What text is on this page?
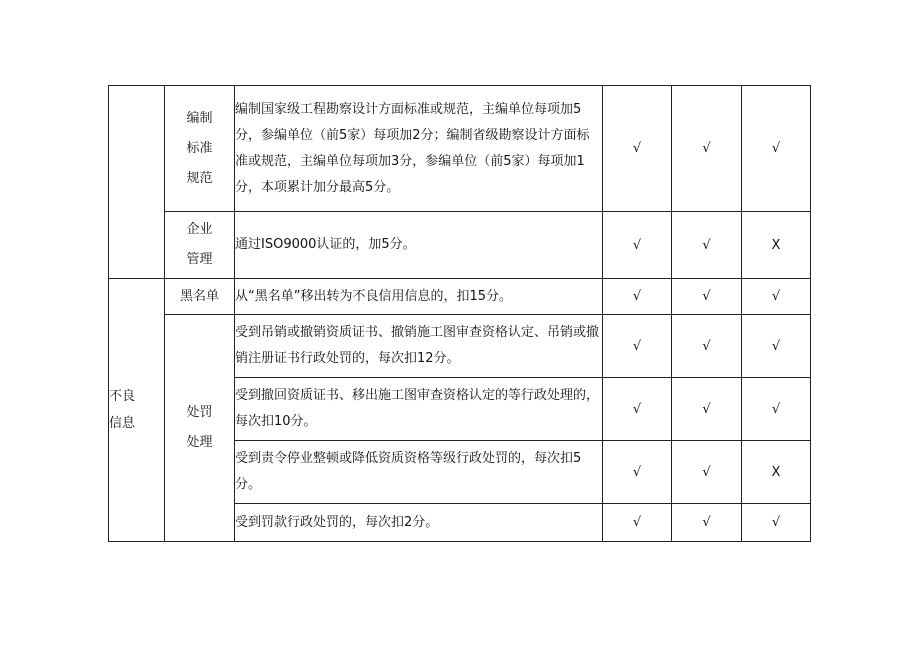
	编制
标准
规范	编制国家级工程勘察设计方面标准或规范，主编单位每项加5分，参编单位（前5家）每项加2分；编制省级勘察设计方面标准或规范，主编单位每项加3分，参编单位（前5家）每项加1分，本项累计加分最高5分。	√	√	√

	企业
管理	通过ISO9000认证的，加5分。	√	√	X

不良
信息	黑名单	从“黑名单”移出转为不良信用信息的，扣15分。	√	√	√

	处罚
处理	受到吊销或撤销资质证书、撤销施工图审查资格认定、吊销或撤销注册证书行政处罚的，每次扣12分。	√	√	√
		受到撤回资质证书、移出施工图审查资格认定的等行政处理的，每次扣10分。	√	√	√
		受到责令停业整顿或降低资质资格等级行政处罚的，每次扣5分。	√	√	X
		受到罚款行政处罚的，每次扣2分。	√	√	√
